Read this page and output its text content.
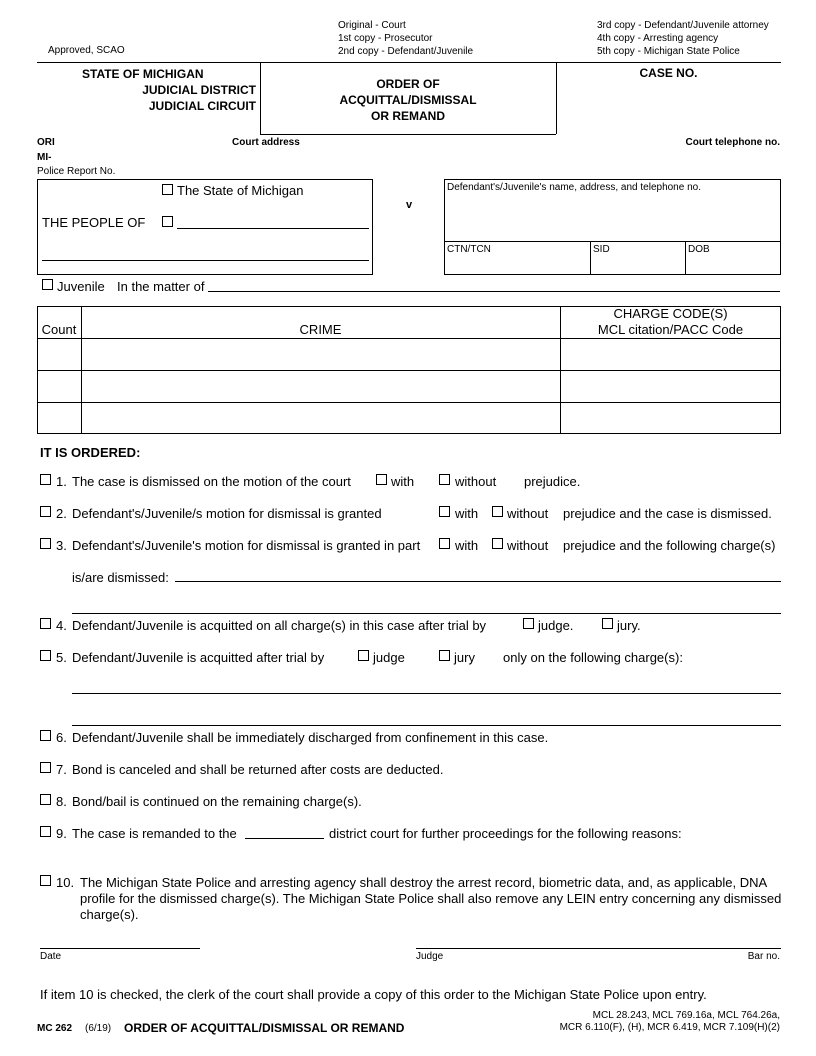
Approved, SCAO
Original - Court
1st copy - Prosecutor
2nd copy - Defendant/Juvenile
3rd copy - Defendant/Juvenile attorney
4th copy - Arresting agency
5th copy - Michigan State Police
STATE OF MICHIGAN
JUDICIAL DISTRICT
JUDICIAL CIRCUIT
ORDER OF
ACQUITTAL/DISMISSAL
OR REMAND
CASE NO.
ORI
MI-
Court address	Court telephone no.
Police Report No.
The State of Michigan
THE PEOPLE OF
v
Defendant's/Juvenile's name, address, and telephone no.
CTN/TCN	SID	DOB
Juvenile In the matter of
Count	CRIME
CHARGE CODE(S)
MCL citation/PACC Code
IT IS ORDERED:
1. The case is dismissed on the motion of the court	with	without prejudice.
2. Defendant's/Juvenile/s motion for dismissal is granted	with without prejudice and the case is dismissed.
3. Defendant's/Juvenile's motion for dismissal is granted in part	with without prejudice and the following charge(s)
is/are dismissed:
4. Defendant/Juvenile is acquitted on all charge(s) in this case after trial by	judge.	jury.
5. Defendant/Juvenile is acquitted after trial by	judge	jury only on the following charge(s):
6. Defendant/Juvenile shall be immediately discharged from confinement in this case.
7. Bond is canceled and shall be returned after costs are deducted.
8. Bond/bail is continued on the remaining charge(s).
9. The case is remanded to the	district court for further proceedings for the following reasons:
10. The Michigan State Police and arresting agency shall destroy the arrest record, biometric data, and, as applicable, DNA
profile for the dismissed charge(s). The Michigan State Police shall also remove any LEIN entry concerning any dismissed
charge(s).
Date	Judge	Bar no.
If item 10 is checked, the clerk of the court shall provide a copy of this order to the Michigan State Police upon entry.
MC 262 (6/19) ORDER OF ACQUITTAL/DISMISSAL OR REMAND
MCL 28.243, MCL 769.16a, MCL 764.26a,
MCR 6.110(F), (H), MCR 6.419, MCR 7.109(H)(2)
